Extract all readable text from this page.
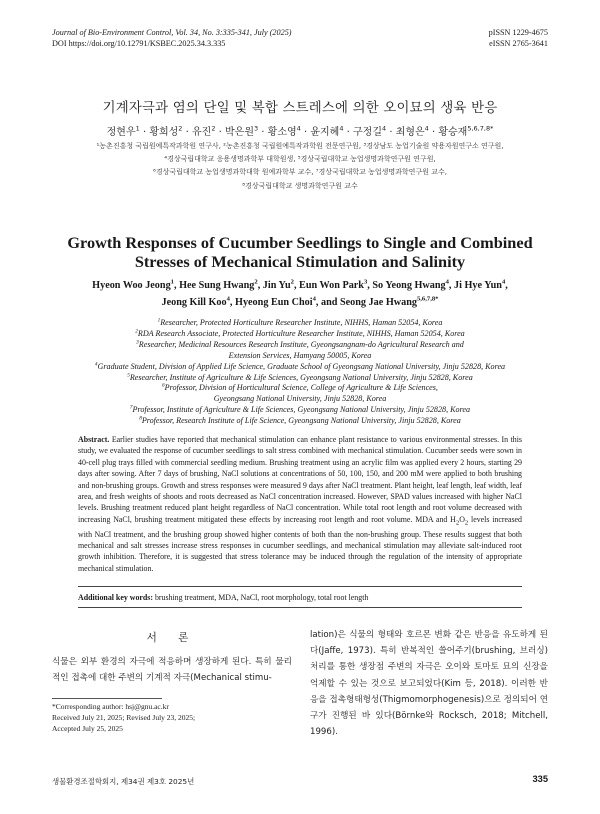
Journal of Bio-Environment Control, Vol. 34, No. 3:335-341, July (2025)
DOI https://doi.org/10.12791/KSBEC.2025.34.3.335
pISSN 1229-4675
eISSN 2765-3641
기계자극과 염의 단일 및 복합 스트레스에 의한 오이묘의 생육 반응
정현우$^1$ · 황희성$^2$ · 유진$^2$ · 박은원$^3$ · 황소영$^4$ · 윤지혜$^4$ · 구정길$^4$ · 최형은$^4$ · 황승재$^{5,6,7,8*}$
¹농촌진흥청 국립원예특작과학원 연구사, ²농촌진흥청 국립원예특작과학원 전문연구원, ³경상남도 농업기술원 약용자원연구소 연구원,
⁴경상국립대학교 응용생명과학부 대학원생, ⁵경상국립대학교 농업생명과학연구원 연구원,
⁶경상국립대학교 농업생명과학대학 원예과학부 교수, ⁷경상국립대학교 농업생명과학연구원 교수,
⁸경상국립대학교 생명과학연구원 교수
Growth Responses of Cucumber Seedlings to Single and Combined
Stresses of Mechanical Stimulation and Salinity
Hyeon Woo Jeong$^1$, Hee Sung Hwang$^2$, Jin Yu$^2$, Eun Won Park$^3$, So Yeong Hwang$^4$, Ji Hye Yun$^4$,
Jeong Kill Koo$^4$, Hyeong Eun Choi$^4$, and Seong Jae Hwang$^{5,6,7,8*}$
$^1$Researcher, Protected Horticulture Researcher Institute, NIHHS, Haman 52054, Korea
$^2$RDA Research Associate, Protected Horticulture Researcher Institute, NIHHS, Haman 52054, Korea
$^3$Researcher, Medicinal Resources Research Institute, Gyeongsangnam-do Agricultural Research and
Extension Services, Hamyang 50005, Korea
$^4$Graduate Student, Division of Applied Life Science, Graduate School of Gyeongsang National University, Jinju 52828, Korea
$^5$Researcher, Institute of Agriculture & Life Sciences, Gyeongsang National University, Jinju 52828, Korea
$^6$Professor, Division of Horticultural Science, College of Agriculture & Life Sciences,
Gyeongsang National University, Jinju 52828, Korea
$^7$Professor, Institute of Agriculture & Life Sciences, Gyeongsang National University, Jinju 52828, Korea
$^8$Professor, Research Institute of Life Science, Gyeongsang National University, Jinju 52828, Korea
Abstract. Earlier studies have reported that mechanical stimulation can enhance plant resistance to various environmental stresses. In this study, we evaluated the response of cucumber seedlings to salt stress combined with mechanical stimulation. Cucumber seeds were sown in 40-cell plug trays filled with commercial seedling medium. Brushing treatment using an acrylic film was applied every 2 hours, starting 29 days after sowing. After 7 days of brushing, NaCl solutions at concentrations of 50, 100, 150, and 200 mM were applied to both brushing and non-brushing groups. Growth and stress responses were measured 9 days after NaCl treatment. Plant height, leaf length, leaf width, leaf area, and fresh weights of shoots and roots decreased as NaCl concentration increased. However, SPAD values increased with higher NaCl levels. Brushing treatment reduced plant height regardless of NaCl concentration. While total root length and root volume decreased with increasing NaCl, brushing treatment mitigated these effects by increasing root length and root volume. MDA and $H_2O_2$ levels increased with NaCl treatment, and the brushing group showed higher contents of both than the non-brushing group. These results suggest that both mechanical and salt stresses increase stress responses in cucumber seedlings, and mechanical stimulation may alleviate salt-induced root growth inhibition. Therefore, it is suggested that stress tolerance may be induced through the regulation of the intensity of appropriate mechanical stimulation.
Additional key words: brushing treatment, MDA, NaCl, root morphology, total root length
서 론
식물은 외부 환경의 자극에 적응하며 생장하게 된다. 특히 물리적인 접촉에 대한 주변의 기계적 자극(Mechanical stimu-
lation)은 식물의 형태와 호르몬 변화 같은 반응을 유도하게 된다(Jaffe, 1973). 특히 반복적인 쓸어주기(brushing, 브러싱)처리를 통한 생장점 주변의 자극은 오이와 토마토 묘의 신장을 억제할 수 있는 것으로 보고되었다(Kim 등, 2018). 이러한 반응을 접촉형태형성(Thigmomorphogenesis)으로 정의되어 연구가 진행된 바 있다(Börnke와 Rocksch, 2018; Mitchell, 1996).
*Corresponding author: hsj@gnu.ac.kr
Received July 21, 2025; Revised July 23, 2025;
Accepted July 25, 2025
생물환경조절학회지, 제34권 제3호 2025년	335
